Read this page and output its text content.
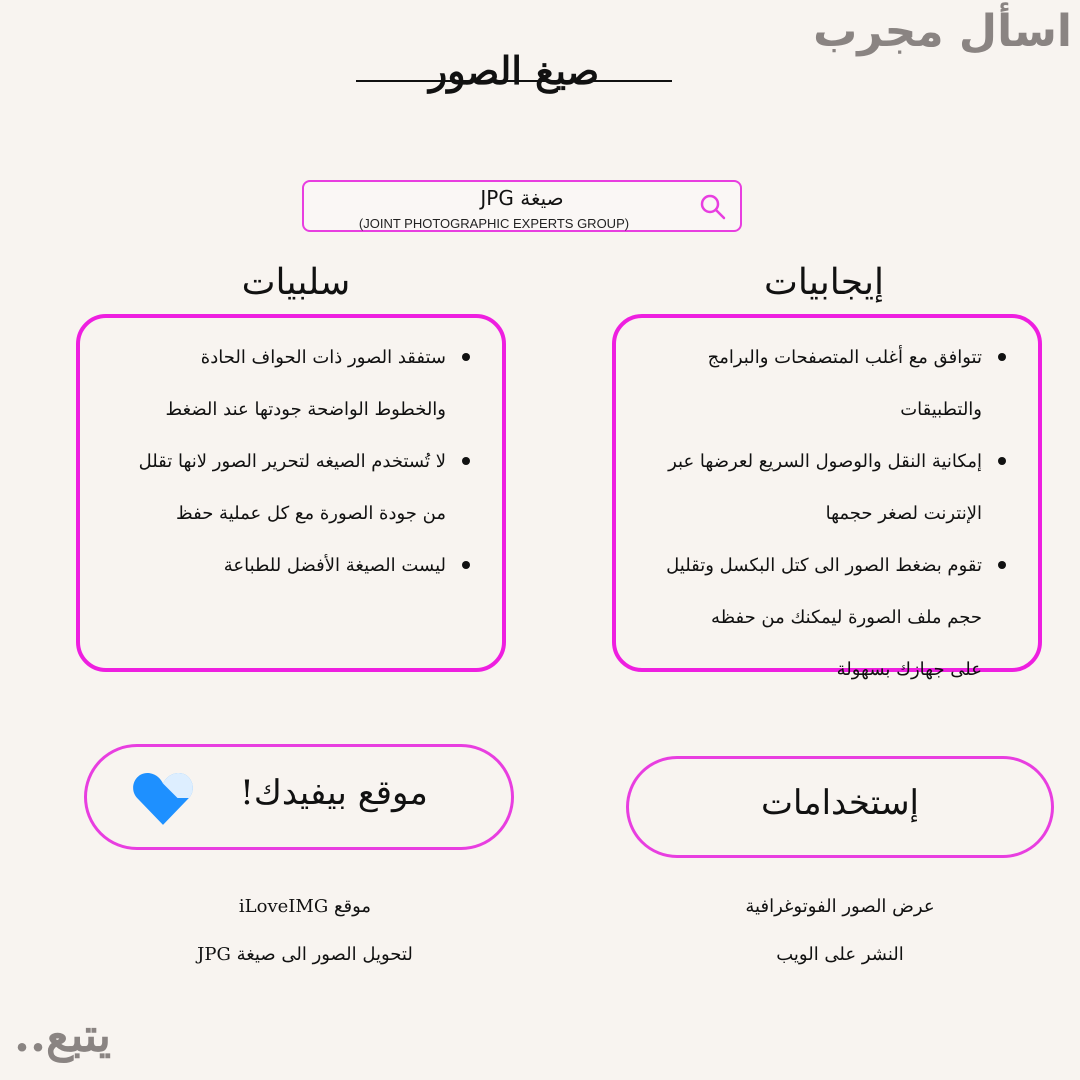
اسأل مجرب
صيغ الصور
صيغة JPG
(JOINT PHOTOGRAPHIC EXPERTS GROUP)
إيجابيات
سلبيات
تتوافق مع أغلب المتصفحات والبرامج
والتطبيقات
إمكانية النقل والوصول السريع لعرضها عبر
الإنترنت لصغر حجمها
تقوم بضغط الصور الى كتل البكسل وتقليل
حجم ملف الصورة ليمكنك من حفظه
على جهازك بسهولة
ستفقد الصور ذات الحواف الحادة
والخطوط الواضحة جودتها عند الضغط
لا تُستخدم الصيغه لتحرير الصور لانها تقلل
من جودة الصورة مع كل عملية حفظ
ليست الصيغة الأفضل للطباعة
إستخدامات
موقع بيفيدك!
عرض الصور الفوتوغرافية
النشر على الويب
موقع iLoveIMG
لتحويل الصور الى صيغة JPG
يتبع..
